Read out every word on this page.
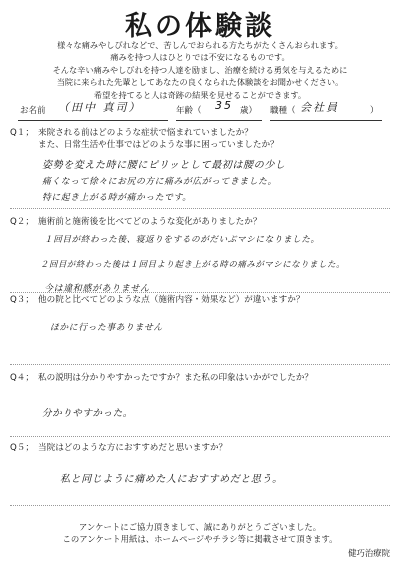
私の体験談
様々な痛みやしびれなどで、苦しんでおられる方たちがたくさんおられます。
痛みを持つ人はひとりでは不安になるものです。
そんな辛い痛みやしびれを持つ人達を励まし、治療を続ける勇気を与えるために
当院に来られた先輩としてあなたの良くなられた体験談をお聞かせください。
希望を持てると人は奇跡の結果を見せることができます。
お名前 （田中 真司）	年齢（ 35 歳） 職種（ 会社員	）
Q１； 来院される前はどのような症状で悩まれていましたか？
また、日常生活や仕事ではどのような事に困っていましたか？
姿勢を変えた時に腰にピリッとして最初は腰の少し
痛くなって徐々にお尻の方に痛みが広がってきました。
特に起き上がる時が痛かったです。
Q２； 施術前と施術後を比べてどのような変化がありましたか？
１回目が終わった後、寝返りをするのがだいぶマシになりました。
２回目が終わった後は１回目より起き上がる時の痛みがマシになりました。
今は違和感がありません
Q３； 他の院と比べてどのような点（施術内容・効果など）が違いますか？
ほかに行った事ありません
Q４； 私の説明は分かりやすかったですか？また私の印象はいかがでしたか？
分かりやすかった。
Q５； 当院はどのような方におすすめだと思いますか？
私と同じように痛めた人におすすめだと思う。
アンケートにご協力頂きまして、誠にありがとうございました。
このアンケート用紙は、ホームページやチラシ等に掲載させて頂きます。
健巧治療院
